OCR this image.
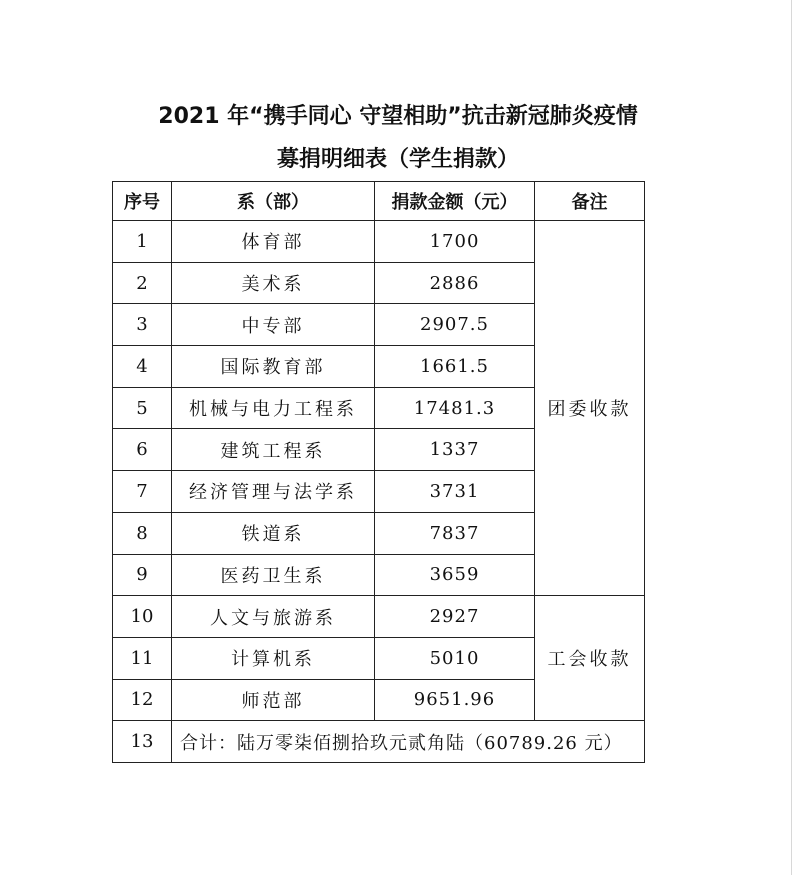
2021 年“携手同心 守望相助”抗击新冠肺炎疫情
募捐明细表（学生捐款）
序号	系（部）	捐款金额（元）	备注
1	体育部	1700	团委收款
2	美术系	2886	
3	中专部	2907.5	
4	国际教育部	1661.5	
5	机械与电力工程系	17481.3	
6	建筑工程系	1337	
7	经济管理与法学系	3731	
8	铁道系	7837	
9	医药卫生系	3659	
10	人文与旅游系	2927	工会收款
11	计算机系	5010	
12	师范部	9651.96	
13	合计：陆万零柒佰捌拾玖元贰角陆（60789.26 元）		
